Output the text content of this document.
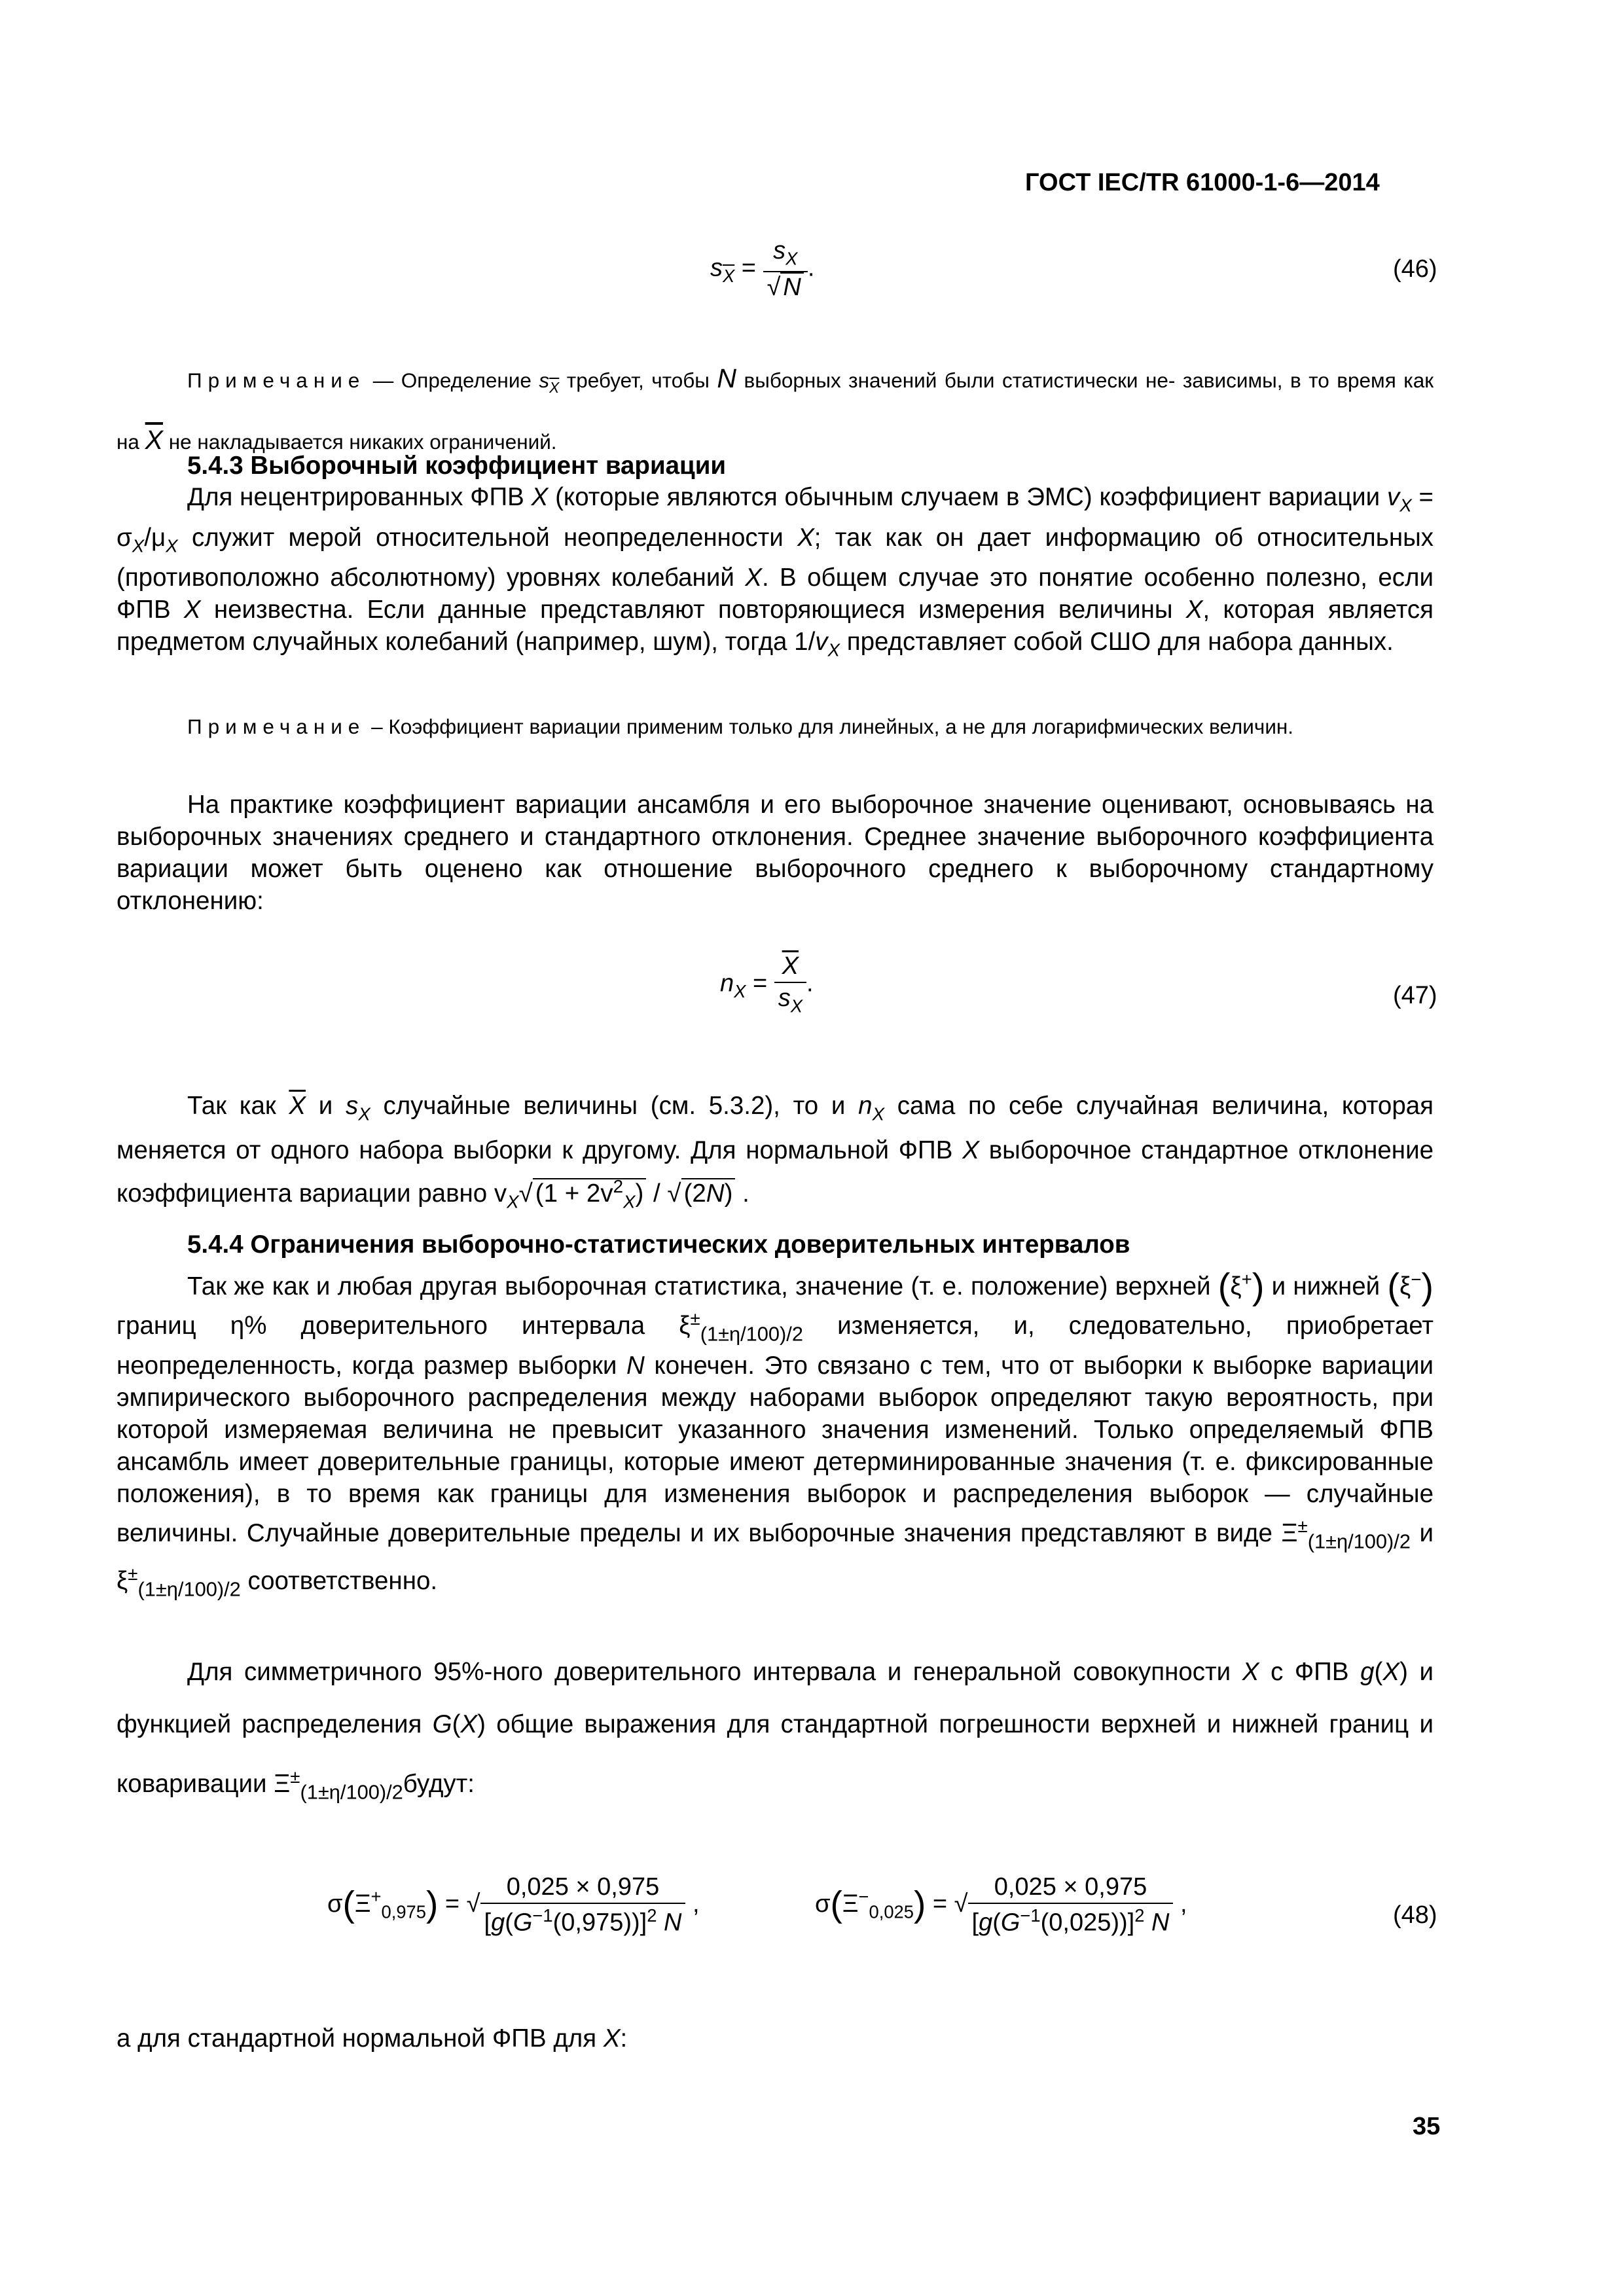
ГОСТ IEC/TR 61000-1-6—2014
$s_{\overline{X}} = \frac{s_X}{√ N}$ .	(46)
Примечание — Определение $s_{\overline{X}}$ требует, чтобы N выборных значений были статистически не- зависимы, в то время как на $\overline{X}$ не накладывается никаких ограничений.
5.4.3 Выборочный коэффициент вариации
Для нецентрированных ФПВ X (которые являются обычным случаем в ЭМС) коэффициент вариации $v_X = \sigma_X/\mu_X$ служит мерой относительной неопределенности X; так как он дает информацию об относительных (противоположно абсолютному) уровнях колебаний X. В общем случае это понятие особенно полезно, если ФПВ X неизвестна. Если данные представляют повторяющиеся измерения величины X, которая является предметом случайных колебаний (например, шум), тогда $1/v_X$ представляет собой СШО для набора данных.
Примечание – Коэффициент вариации применим только для линейных, а не для логарифмических величин.
На практике коэффициент вариации ансамбля и его выборочное значение оценивают, основываясь на выборочных значениях среднего и стандартного отклонения. Среднее значение выборочного коэффициента вариации может быть оценено как отношение выборочного среднего к выборочному стандартному отклонению:
$n_X = \frac{\overline{X}}{s_X}$ .	(47)
Так как $\overline{X}$ и $s_X$ случайные величины (см. 5.3.2), то и $n_X$ сама по себе случайная величина, которая меняется от одного набора выборки к другому. Для нормальной ФПВ X выборочное стандартное отклонение коэффициента вариации равно $v_X√$ $(1 + 2v^2_X)$ / √ (2N) .
5.4.4 Ограничения выборочно-статистических доверительных интервалов
Так же как и любая другая выборочная статистика, значение (т. е. положение) верхней (ξ+) и нижней (ξ−) границ η% доверительного интервала $\xi^\pm_{(1\pm\eta/100)/2}$ изменяется, и, следовательно, приобретает неопределенность, когда размер выборки N конечен. Это связано с тем, что от выборки к выборке вариации эмпирического выборочного распределения между наборами выборок определяют такую вероятность, при которой измеряемая величина не превысит указанного значения изменений. Только определяемый ФПВ ансамбль имеет доверительные границы, которые имеют детерминированные значения (т. е. фиксированные положения), в то время как границы для изменения выборок и распределения выборок — случайные величины. Случайные доверительные пределы и их выборочные значения представляют в виде $\Xi^\pm_{(1\pm\eta/100)/2}$ и $\xi^\pm_{(1\pm\eta/100)/2}$ соответственно.
Для симметричного 95%-ного доверительного интервала и генеральной совокупности X с ФПВ g(X) и функцией распределения G(X) общие выражения для стандартной погрешности верхней и нижней границ и коваривации $\Xi^\pm_{(1\pm\eta/100)/2}будут$:
$\sigma(\Xi^+_{0,975})$ = √ $\frac{0,025 \times 0,975}{[g(G^{-1}(0,975))]^2 N}$ ,	$\sigma(\Xi^-_{0,025})$ = √ $\frac{0,025 \times 0,975}{[g(G^{-1}(0,025))]^2 N}$ ,	(48)
а для стандартной нормальной ФПВ для X:
35
